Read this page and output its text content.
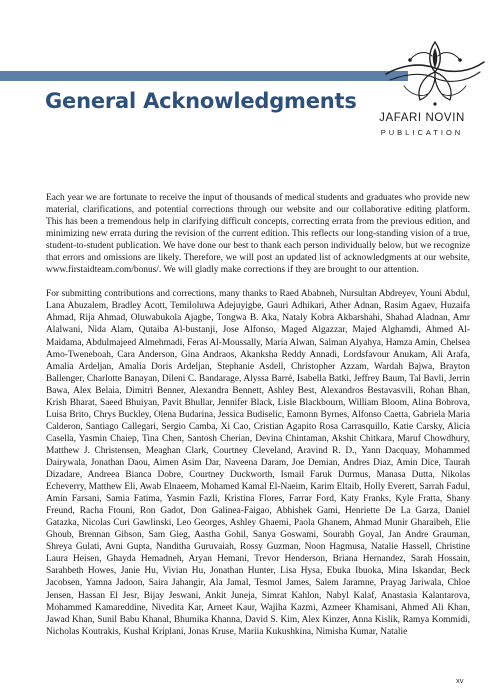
JAFARI NOVIN
PUBLICATION
General Acknowledgments

Each year we are fortunate to receive the input of thousands of medical students and graduates who provide new material, clarifications, and potential corrections through our website and our collaborative editing platform. This has been a tremendous help in clarifying difficult concepts, correcting errata from the previous edition, and minimizing new errata during the revision of the current edition. This reflects our long-standing vision of a true, student-to-student publication. We have done our best to thank each person individually below, but we recognize that errors and omissions are likely. Therefore, we will post an updated list of acknowledgments at our website, www.firstaidteam.com/bonus/. We will gladly make corrections if they are brought to our attention.

For submitting contributions and corrections, many thanks to Raed Ababneh, Nursultan Abdreyev, Youni Abdul, Lana Abuzalem, Bradley Acott, Temiloluwa Adejuyigbe, Gauri Adhikari, Ather Adnan, Rasim Agaev, Huzaifa Ahmad, Rija Ahmad, Oluwabukola Ajagbe, Tongwa B. Aka, Nataly Kobra Akbarshahi, Shahad Aladnan, Amr Alalwani, Nida Alam, Qutaiba Al-bustanji, Jose Alfonso, Maged Algazzar, Majed Alghamdi, Ahmed Al-Maidama, Abdulmajeed Almehmadi, Feras Al-Moussally, Maria Alwan, Salman Alyahya, Hamza Amin, Chelsea Amo-Tweneboah, Cara Anderson, Gina Andraos, Akanksha Reddy Annadi, Lordsfavour Anukam, Ali Arafa, Amalia Ardeljan, Amalia Doris Ardeljan, Stephanie Asdell, Christopher Azzam, Wardah Bajwa, Brayton Ballenger, Charlotte Banayan, Dileni C. Bandarage, Alyssa Barré, Isabella Batki, Jeffrey Baum, Tal Bavli, Jerrin Bawa, Alex Belaia, Dimitri Benner, Alexandra Bennett, Ashley Best, Alexandros Bestavasvili, Rohan Bhan, Krish Bharat, Saeed Bhuiyan, Pavit Bhullar, Jennifer Black, Lisle Blackbourn, William Bloom, Alina Bobrova, Luisa Brito, Chrys Buckley, Olena Budarina, Jessica Budiselic, Eamonn Byrnes, Alfonso Caetta, Gabriela Maria Calderon, Santiago Callegari, Sergio Camba, Xi Cao, Cristian Agapito Rosa Carrasquillo, Katie Carsky, Alicia Casella, Yasmin Chaiep, Tina Chen, Santosh Cherian, Devina Chintaman, Akshit Chitkara, Maruf Chowdhury, Matthew J. Christensen, Meaghan Clark, Courtney Cleveland, Aravind R. D., Yann Dacquay, Mohammed Dairywala, Jonathan Daou, Aimen Asim Dar, Naveena Daram, Joe Demian, Andres Diaz, Amin Dice, Taurah Dizadare, Andreea Bianca Dobre, Courtney Duckworth, Ismail Faruk Durmus, Manasa Dutta, Nikolas Echeverry, Matthew Eli, Awab Elnaeem, Mohamed Kamal El-Naeim, Karim Eltaib, Holly Everett, Sarrah Fadul, Amin Farsani, Samia Fatima, Yasmin Fazli, Kristina Flores, Farrar Ford, Katy Franks, Kyle Fratta, Shany Freund, Racha Ftouni, Ron Gadot, Don Galinea-Faigao, Abhishek Gami, Henriette De La Garza, Daniel Gatazka, Nicolas Curi Gawlinski, Leo Georges, Ashley Ghaemi, Paola Ghanem, Ahmad Munir Gharaibeh, Elie Ghoub, Brennan Gibson, Sam Gieg, Aastha Gohil, Sanya Goswami, Sourabh Goyal, Jan Andre Grauman, Shreya Gulati, Avni Gupta, Nanditha Guruvaiah, Rossy Guzman, Noon Hagmusa, Natalie Hassell, Christine Laura Heisen, Ghayda Hemadneh, Aryan Hemani, Trevor Henderson, Briana Hernandez, Sarah Hossain, Sarahbeth Howes, Janie Hu, Vivian Hu, Jonathan Hunter, Lisa Hysa, Ebuka Ibuoka, Mina Iskandar, Beck Jacobsen, Yamna Jadoon, Saira Jahangir, Ala Jamal, Tesmol James, Salem Jaramne, Prayag Jariwala, Chloe Jensen, Hassan El Jesr, Bijay Jeswani, Ankit Juneja, Simrat Kahlon, Nabyl Kalaf, Anastasia Kalantarova, Mohammed Kamareddine, Nivedita Kar, Arneet Kaur, Wajiha Kazmi, Azmeer Khamisani, Ahmed Ali Khan, Jawad Khan, Sunil Babu Khanal, Bhumika Khanna, David S. Kim, Alex Kinzer, Anna Kislik, Ramya Kommidi, Nicholas Koutrakis, Kushal Kriplani, Jonas Kruse, Mariia Kukushkina, Nimisha Kumar, Natalie

xv
